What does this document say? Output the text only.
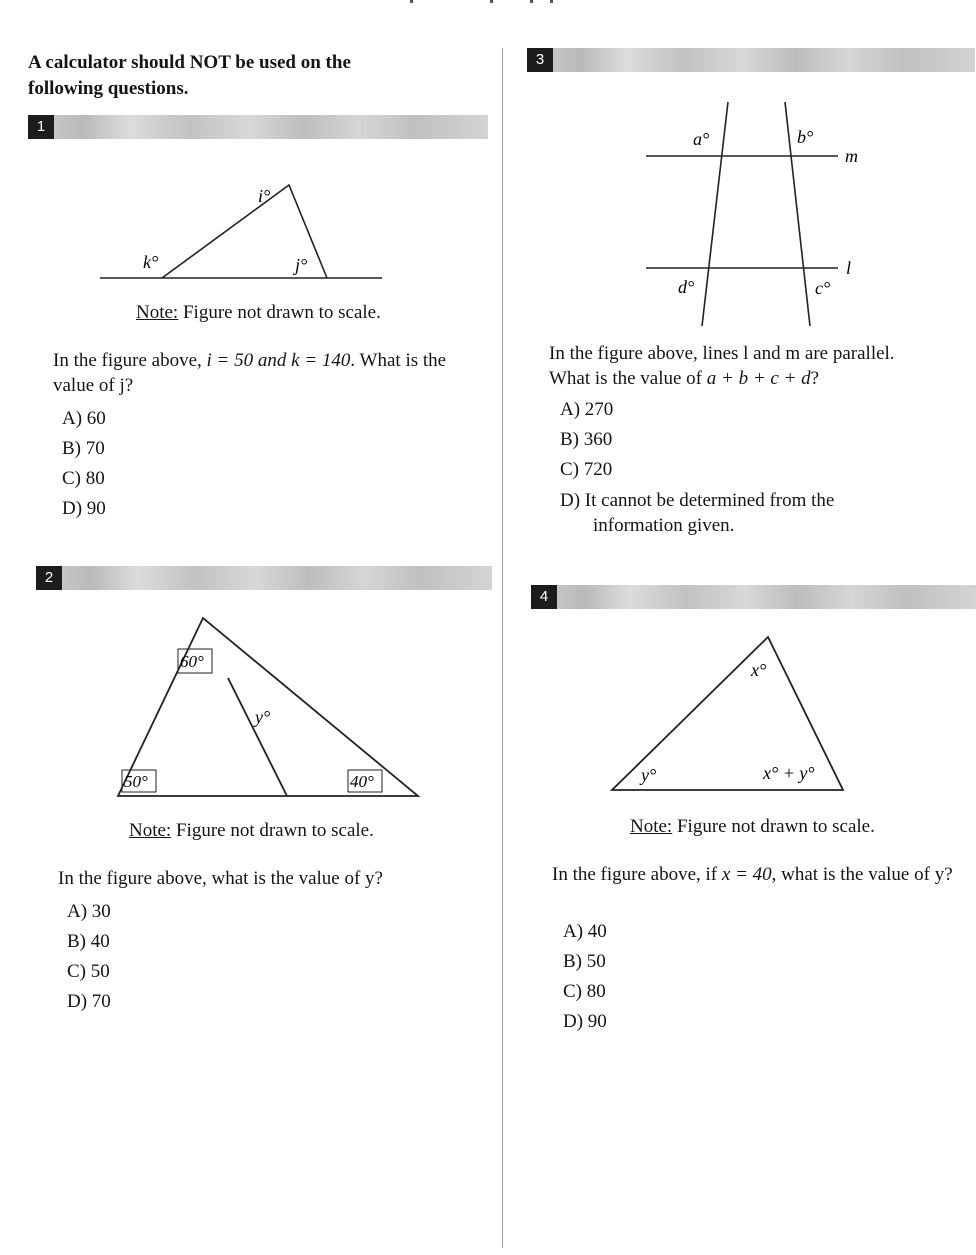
A calculator should NOT be used on the following questions.
1
i°
k°	j°
Note: Figure not drawn to scale.
In the figure above, i = 50 and k = 140. What is the value of j?
A) 60
B) 70
C) 80
D) 90
2
60°
50°	40°
y°
Note: Figure not drawn to scale.
In the figure above, what is the value of y?
A) 30
B) 40
C) 50
D) 70
3
a°	b°
m
l
d°	c°
In the figure above, lines l and m are parallel.
What is the value of a + b + c + d?
A) 270
B) 360
C) 720
D) It cannot be determined from the
information given.
4
x°
y°	x° + y°
Note: Figure not drawn to scale.
In the figure above, if x = 40, what is the value of y?
A) 40
B) 50
C) 80
D) 90
